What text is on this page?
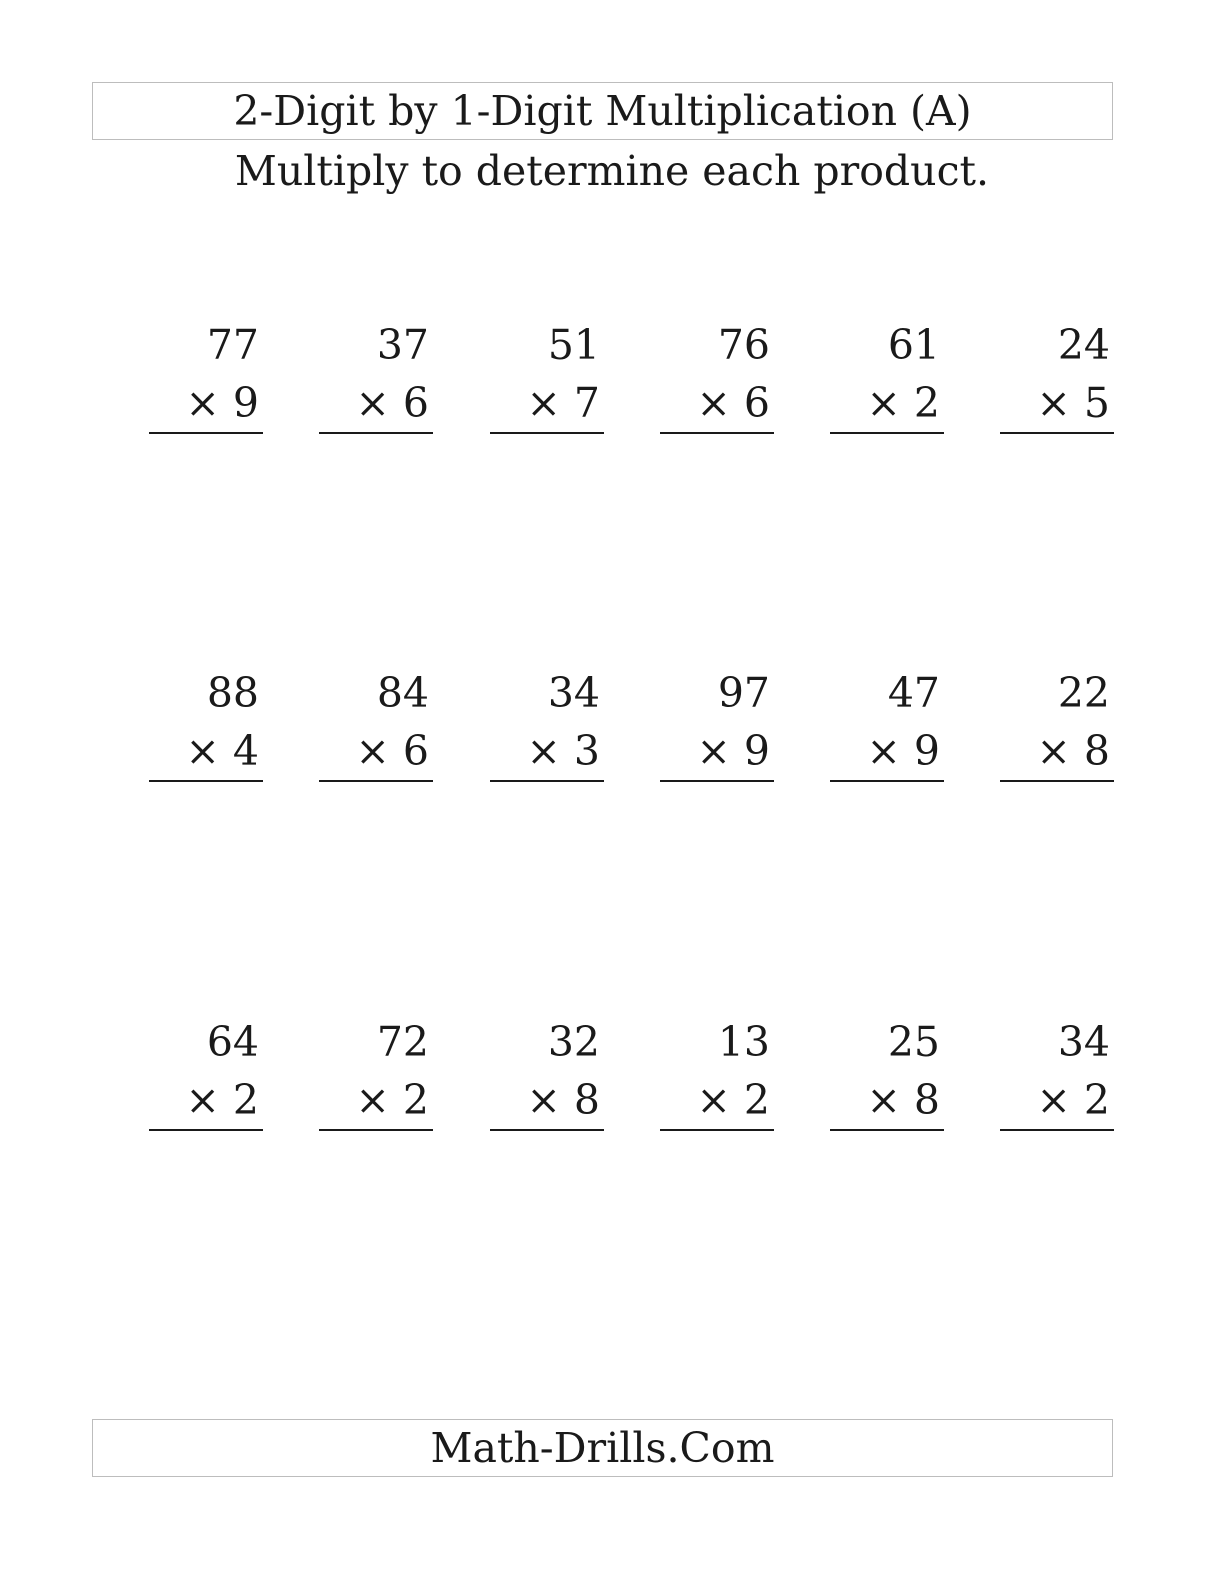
2-Digit by 1-Digit Multiplication (A)
Multiply to determine each product.
77
× 9
37
× 6
51
× 7
76
× 6
61
× 2
24
× 5
88
× 4
84
× 6
34
× 3
97
× 9
47
× 9
22
× 8
64
× 2
72
× 2
32
× 8
13
× 2
25
× 8
34
× 2
Math-Drills.Com
